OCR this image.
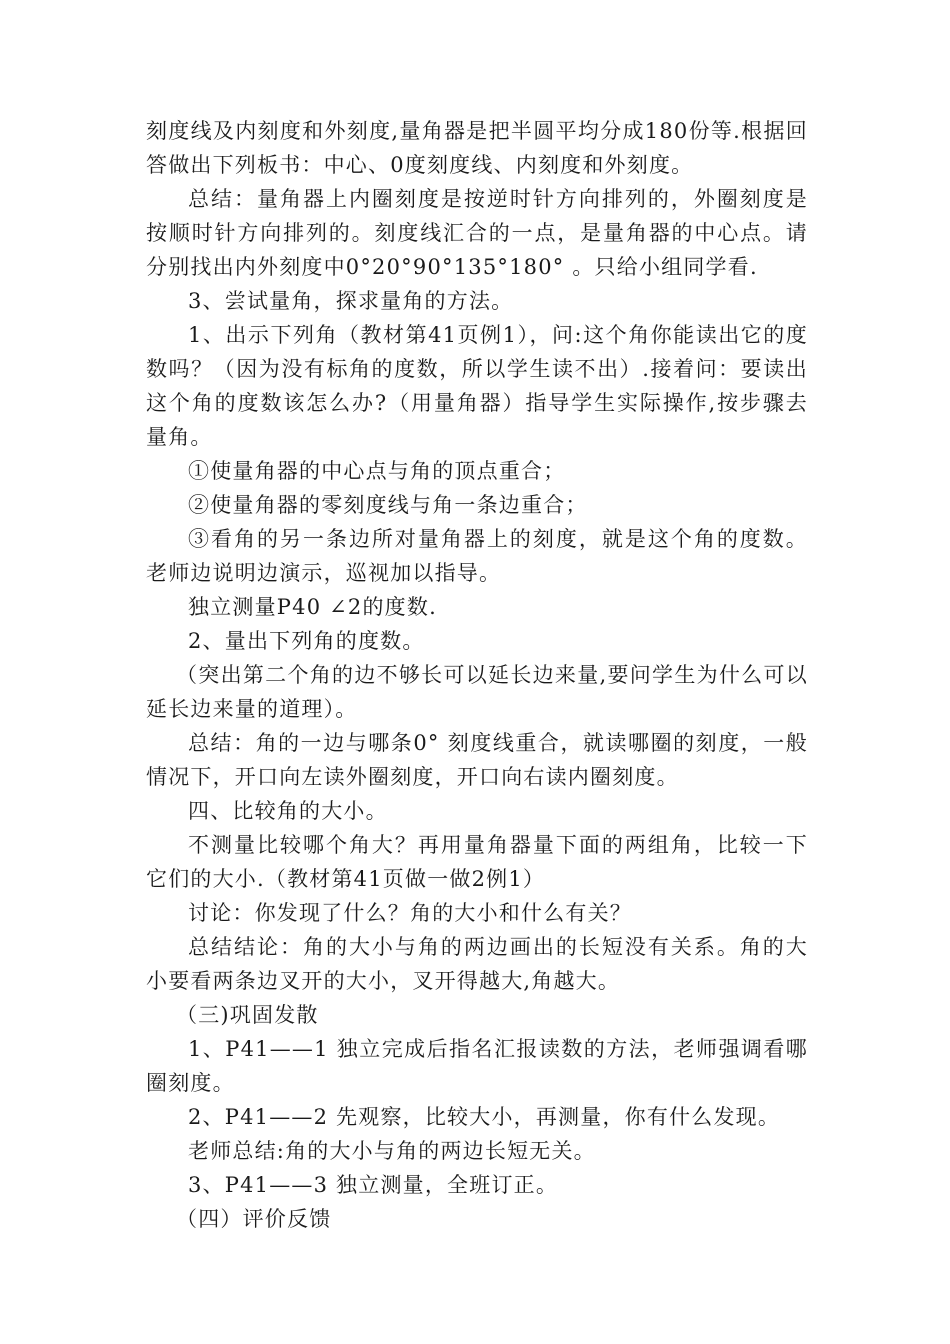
刻度线及内刻度和外刻度,量角器是把半圆平均分成180份等.根据回答做出下列板书：中心、0度刻度线、内刻度和外刻度。

总结：量角器上内圈刻度是按逆时针方向排列的，外圈刻度是按顺时针方向排列的。刻度线汇合的一点，是量角器的中心点。请分别找出内外刻度中0°20°90°135°180° 。只给小组同学看.

3、尝试量角，探求量角的方法。

1、出示下列角（教材第41页例1），问:这个角你能读出它的度数吗？（因为没有标角的度数，所以学生读不出）.接着问：要读出这个角的度数该怎么办?（用量角器）指导学生实际操作,按步骤去量角。

①使量角器的中心点与角的顶点重合；

②使量角器的零刻度线与角一条边重合；

③看角的另一条边所对量角器上的刻度，就是这个角的度数。老师边说明边演示，巡视加以指导。

独立测量P40 ∠2的度数.

2、量出下列角的度数。

（突出第二个角的边不够长可以延长边来量,要问学生为什么可以延长边来量的道理）。

总结：角的一边与哪条0° 刻度线重合，就读哪圈的刻度，一般情况下，开口向左读外圈刻度，开口向右读内圈刻度。

四、比较角的大小。

不测量比较哪个角大？再用量角器量下面的两组角，比较一下它们的大小.（教材第41页做一做2例1）

讨论：你发现了什么？角的大小和什么有关？

总结结论：角的大小与角的两边画出的长短没有关系。角的大小要看两条边叉开的大小，叉开得越大,角越大。

（三)巩固发散

1、P41——1 独立完成后指名汇报读数的方法，老师强调看哪圈刻度。

2、P41——2 先观察，比较大小，再测量，你有什么发现。

老师总结:角的大小与角的两边长短无关。

3、P41——3 独立测量，全班订正。

（四）评价反馈
